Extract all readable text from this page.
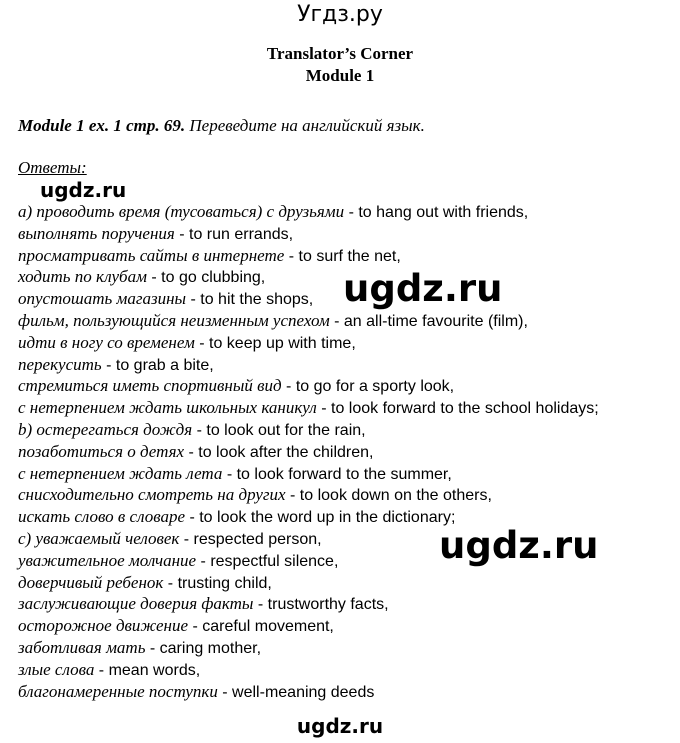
Угдз.ру
Translator’s Corner
Module 1
Module 1 ex. 1 стр. 69. Переведите на английский язык.
Ответы:
a) проводить время (тусоваться) с друзьями - to hang out with friends,
выполнять поручения - to run errands,
просматривать сайты в интернете - to surf the net,
ходить по клубам - to go clubbing,
опустошать магазины - to hit the shops,
фильм, пользующийся неизменным успехом - an all-time favourite (film),
идти в ногу со временем - to keep up with time,
перекусить - to grab a bite,
стремиться иметь спортивный вид - to go for a sporty look,
с нетерпением ждать школьных каникул - to look forward to the school holidays;
b) остерегаться дождя - to look out for the rain,
позаботиться о детях - to look after the children,
с нетерпением ждать лета - to look forward to the summer,
снисходительно смотреть на других - to look down on the others,
искать слово в словаре - to look the word up in the dictionary;
c) уважаемый человек - respected person,
уважительное молчание - respectful silence,
доверчивый ребенок - trusting child,
заслуживающие доверия факты - trustworthy facts,
осторожное движение - careful movement,
заботливая мать - caring mother,
злые слова - mean words,
благонамеренные поступки - well-meaning deeds
ugdz.ru
ugdz.ru
ugdz.ru
ugdz.ru
